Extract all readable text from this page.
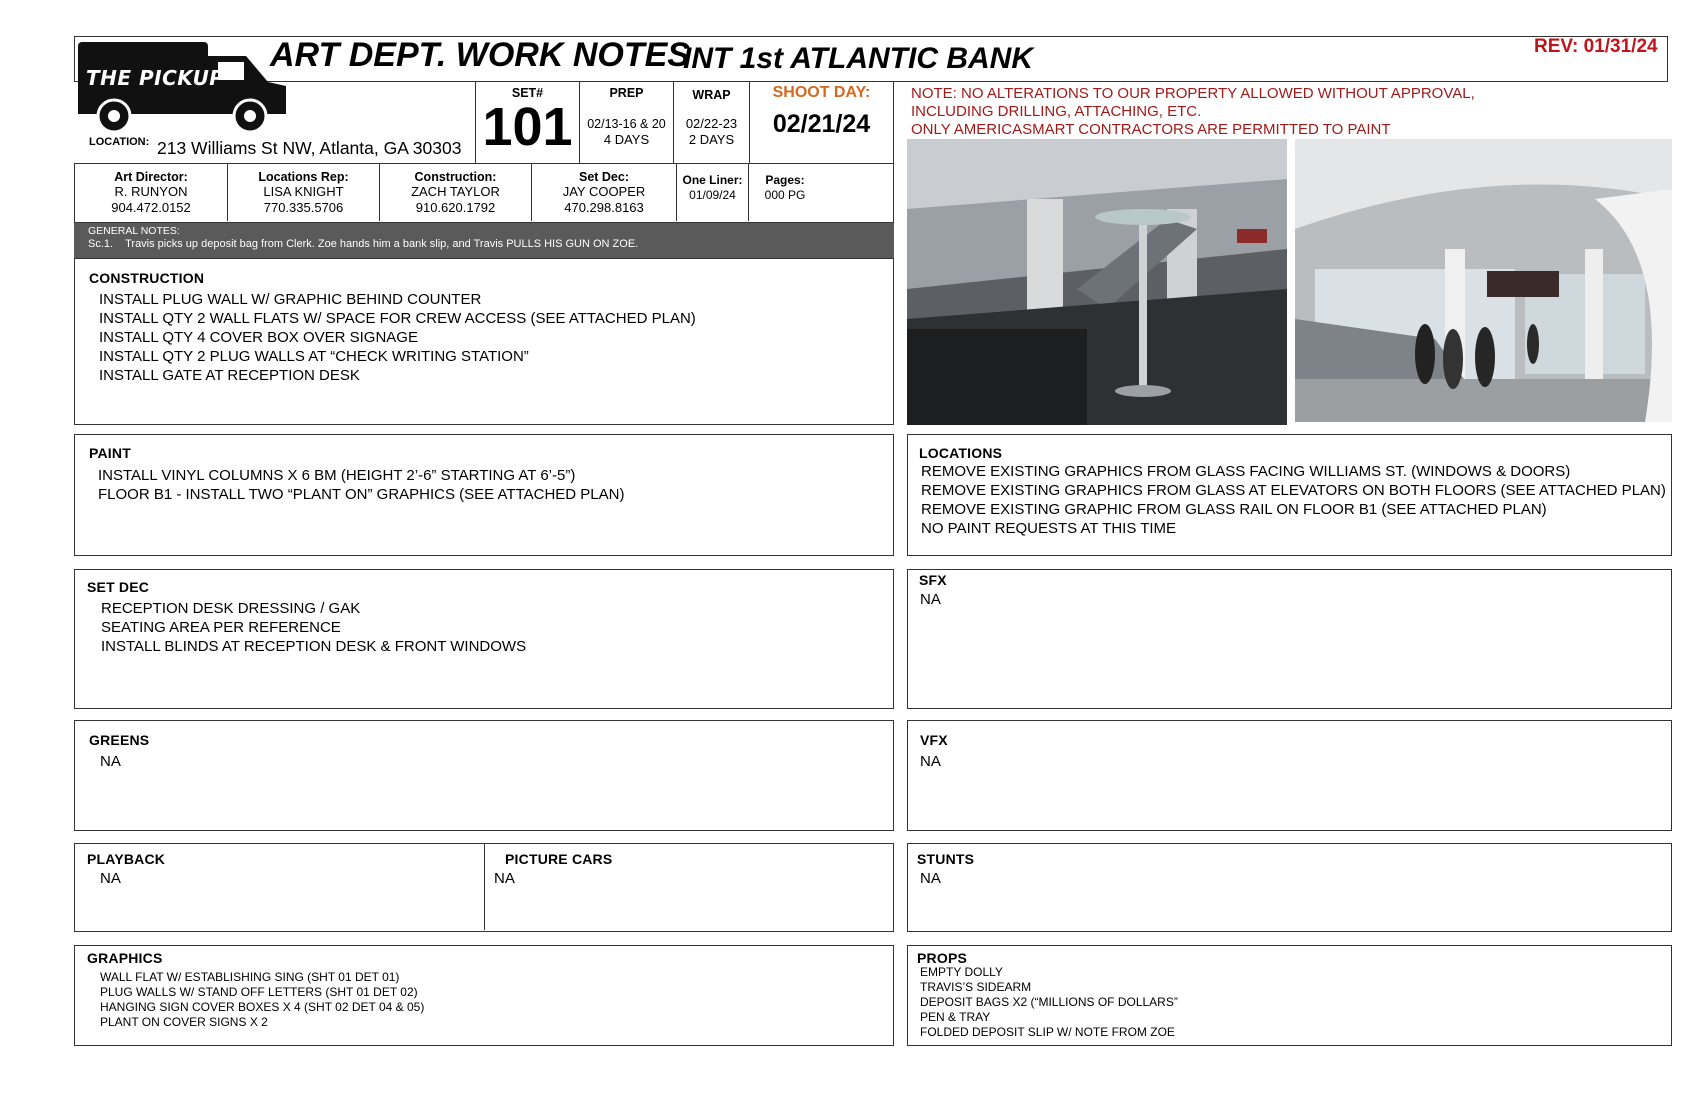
THE PICKUP
ART DEPT. WORK NOTES
INT 1st ATLANTIC BANK	REV: 01/31/24
LOCATION: 213 Williams St NW, Atlanta, GA 30303
SET#
101
PREP
02/13-16 & 20
4 DAYS
WRAP
02/22-23
2 DAYS
SHOOT DAY:
02/21/24
Art Director:
R. RUNYON
904.472.0152
Locations Rep:
LISA KNIGHT
770.335.5706
Construction:
ZACH TAYLOR
910.620.1792
Set Dec:
JAY COOPER
470.298.8163
One Liner:
01/09/24
Pages:
000 PG
GENERAL NOTES:
Sc.1.    Travis picks up deposit bag from Clerk. Zoe hands him a bank slip, and Travis PULLS HIS GUN ON ZOE.
NOTE: NO ALTERATIONS TO OUR PROPERTY ALLOWED WITHOUT APPROVAL,
INCLUDING DRILLING, ATTACHING, ETC.
ONLY AMERICASMART CONTRACTORS ARE PERMITTED TO PAINT
CONSTRUCTION
INSTALL PLUG WALL W/ GRAPHIC BEHIND COUNTER
INSTALL QTY 2 WALL FLATS W/ SPACE FOR CREW ACCESS (SEE ATTACHED PLAN)
INSTALL QTY 4 COVER BOX OVER SIGNAGE
INSTALL QTY 2 PLUG WALLS AT “CHECK WRITING STATION”
INSTALL GATE AT RECEPTION DESK
PAINT
INSTALL VINYL COLUMNS X 6 BM (HEIGHT 2’-6” STARTING AT 6’-5”)
FLOOR B1 - INSTALL TWO “PLANT ON” GRAPHICS (SEE ATTACHED PLAN)
SET DEC
RECEPTION DESK DRESSING / GAK
SEATING AREA PER REFERENCE
INSTALL BLINDS AT RECEPTION DESK & FRONT WINDOWS
GREENS
NA
PLAYBACK
NA
PICTURE CARS
NA
GRAPHICS
WALL FLAT W/ ESTABLISHING SING (SHT 01 DET 01)
PLUG WALLS W/ STAND OFF LETTERS (SHT 01 DET 02)
HANGING SIGN COVER BOXES X 4 (SHT 02 DET 04 & 05)
PLANT ON COVER SIGNS X 2
LOCATIONS
REMOVE EXISTING GRAPHICS FROM GLASS FACING WILLIAMS ST. (WINDOWS & DOORS)
REMOVE EXISTING GRAPHICS FROM GLASS AT ELEVATORS ON BOTH FLOORS (SEE ATTACHED PLAN)
REMOVE EXISTING GRAPHIC FROM GLASS RAIL ON FLOOR B1 (SEE ATTACHED PLAN)
NO PAINT REQUESTS AT THIS TIME
SFX
NA
VFX
NA
STUNTS
NA
PROPS
EMPTY DOLLY
TRAVIS’S SIDEARM
DEPOSIT BAGS X2 (“MILLIONS OF DOLLARS”
PEN & TRAY
FOLDED DEPOSIT SLIP W/ NOTE FROM ZOE
